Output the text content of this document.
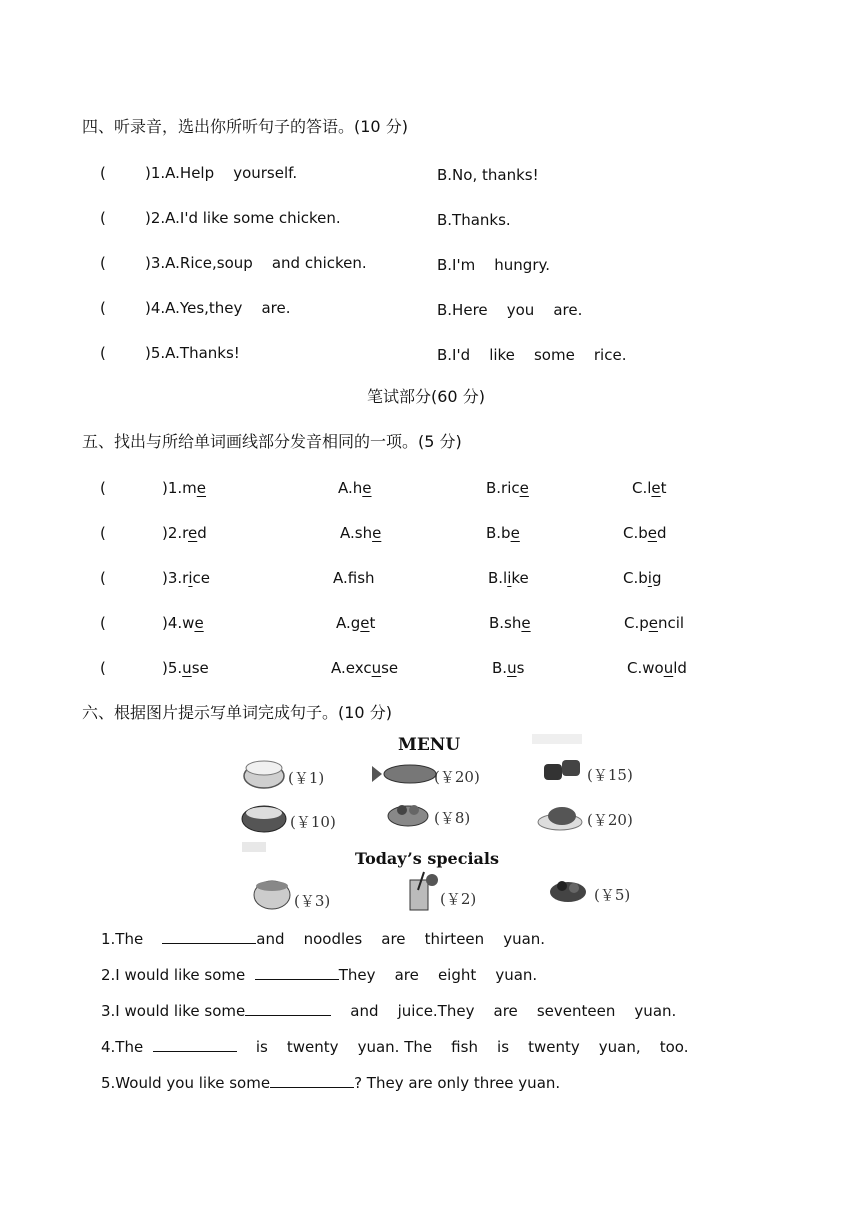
四、听录音，选出你所听句子的答语。(10 分)
(	)1.A.Help    yourself.	B.No, thanks!
(	)2.A.I'd like some chicken.	B.Thanks.
(	)3.A.Rice,soup    and chicken.	B.I'm    hungry.
(	)4.A.Yes,they    are.	B.Here    you    are.
(	)5.A.Thanks!	B.I'd    like    some    rice.
笔试部分(60 分)
五、找出与所给单词画线部分发音相同的一项。(5 分)
(	)1.me	A.he	B.rice	C.let
(	)2.red	A.she	B.be	C.bed
(	)3.rice	A.fsh	B.like	C.big
(	)4.we	A.get	B.she	C.pencil
(	)5.use	A.excuse	B.us	C.would
六、根据图片提示写单词完成句子。(10 分)
MENU
(￥1)	(￥20)	(￥15)
(￥10)	(￥8)	(￥20)
Today’s specials
(￥3)	(￥2)	(￥5)
1.The	and    noodles    are    thirteen    yuan.
2.I would like some	They    are    eight    yuan.
3.I would like some	and    juice.They    are    seventeen    yuan.
4.The	is    twenty    yuan. The    fish    is    twenty    yuan,    too.
5.Would you like some	? They are only three yuan.
